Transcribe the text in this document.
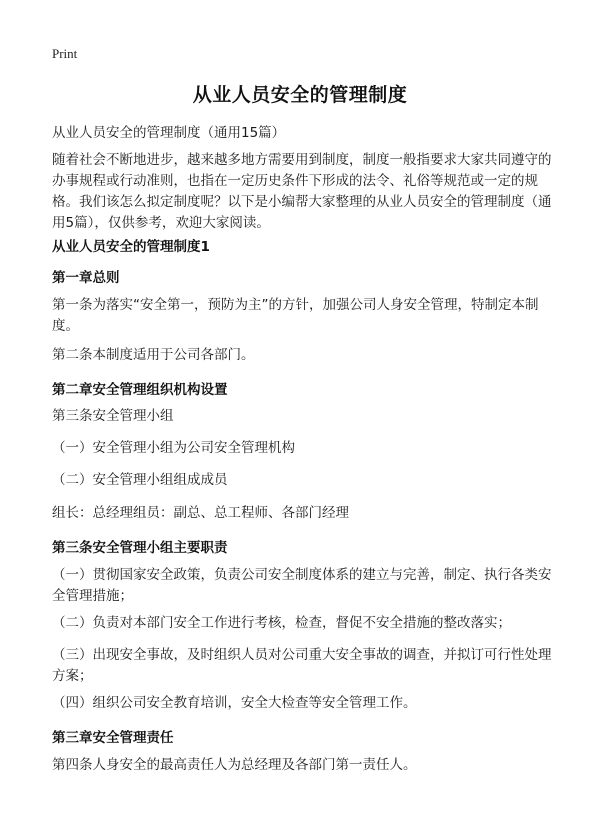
Print
从业人员安全的管理制度
从业人员安全的管理制度（通用15篇）
随着社会不断地进步，越来越多地方需要用到制度，制度一般指要求大家共同遵守的办事规程或行动准则，也指在一定历史条件下形成的法令、礼俗等规范或一定的规格。我们该怎么拟定制度呢？以下是小编帮大家整理的从业人员安全的管理制度（通用5篇），仅供参考，欢迎大家阅读。
从业人员安全的管理制度1
第一章总则
第一条为落实“安全第一，预防为主”的方针，加强公司人身安全管理，特制定本制度。
第二条本制度适用于公司各部门。
第二章安全管理组织机构设置
第三条安全管理小组
（一）安全管理小组为公司安全管理机构
（二）安全管理小组组成成员
组长：总经理组员：副总、总工程师、各部门经理
第三条安全管理小组主要职责
（一）贯彻国家安全政策，负责公司安全制度体系的建立与完善，制定、执行各类安全管理措施；
（二）负责对本部门安全工作进行考核，检查，督促不安全措施的整改落实；
（三）出现安全事故，及时组织人员对公司重大安全事故的调查，并拟订可行性处理方案；
（四）组织公司安全教育培训，安全大检查等安全管理工作。
第三章安全管理责任
第四条人身安全的最高责任人为总经理及各部门第一责任人。
